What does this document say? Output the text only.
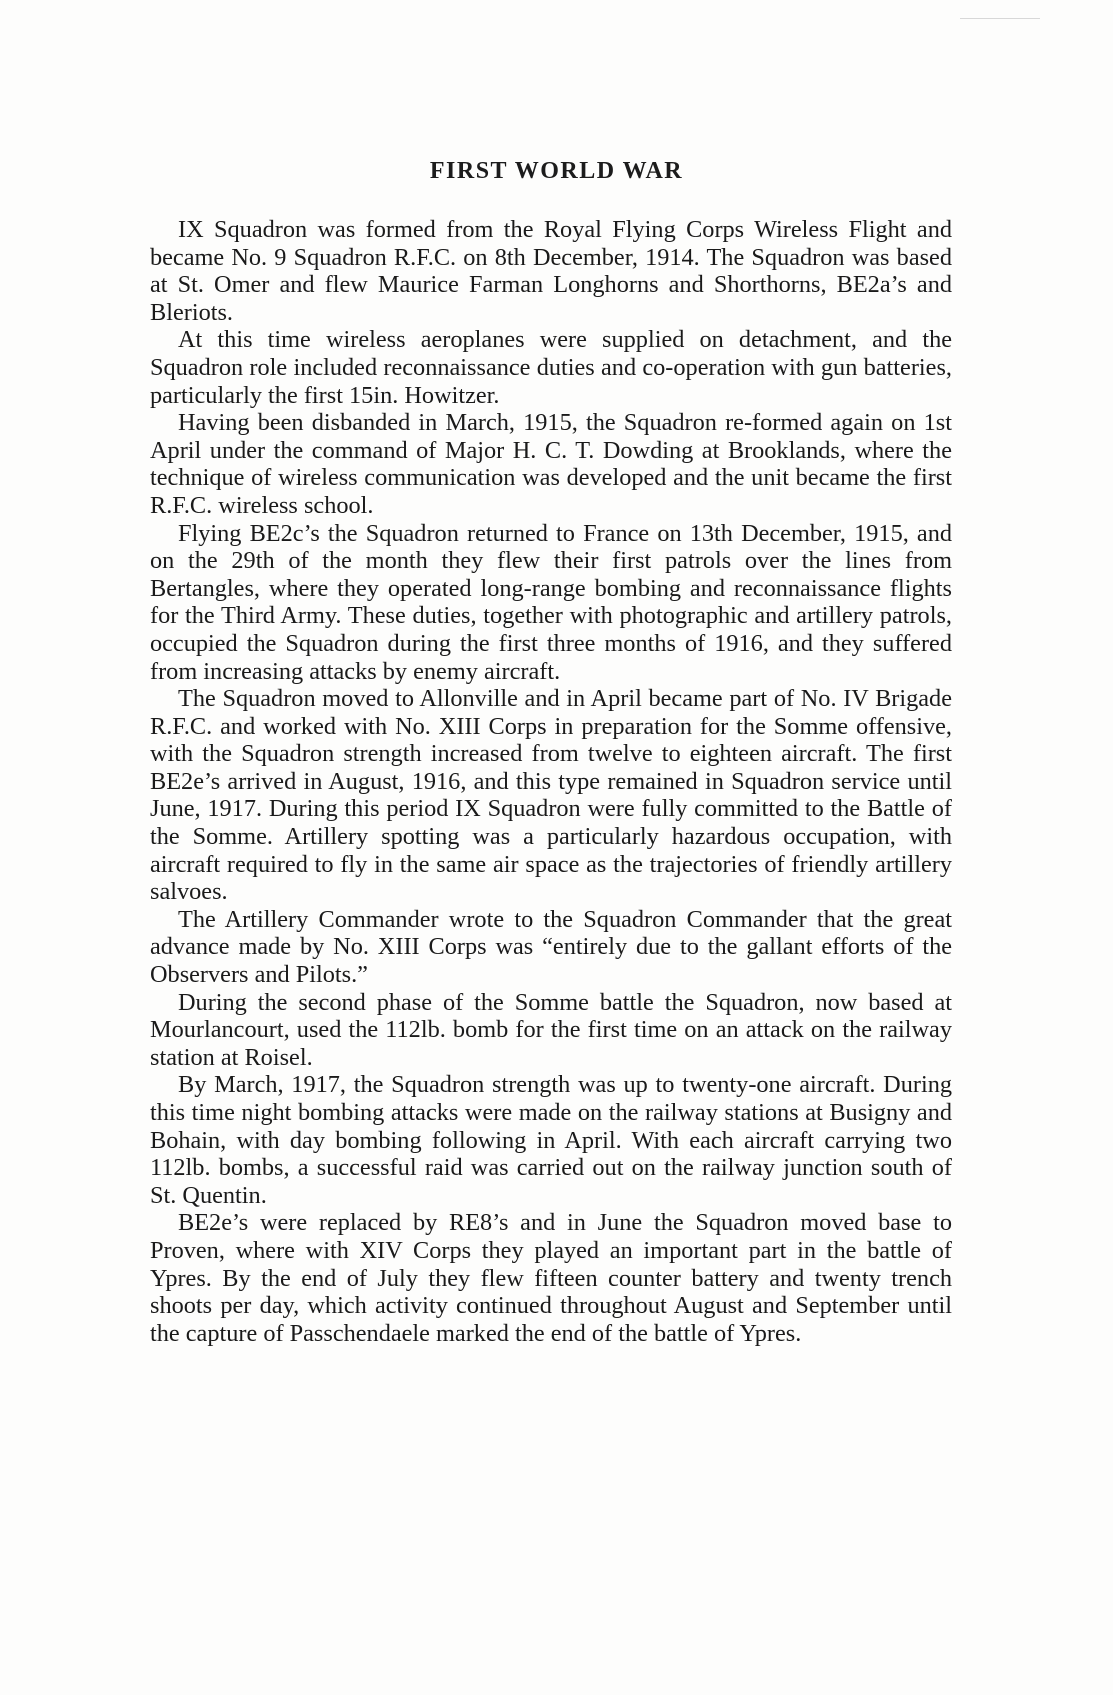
FIRST WORLD WAR

IX Squadron was formed from the Royal Flying Corps Wireless Flight and became No. 9 Squadron R.F.C. on 8th December, 1914. The Squadron was based at St. Omer and flew Maurice Farman Longhorns and Shorthorns, BE2a’s and Bleriots.

At this time wireless aeroplanes were supplied on detachment, and the Squadron role included reconnaissance duties and co-operation with gun batteries, particularly the first 15in. Howitzer.

Having been disbanded in March, 1915, the Squadron re-formed again on 1st April under the command of Major H. C. T. Dowding at Brooklands, where the technique of wireless communication was developed and the unit became the first R.F.C. wireless school.

Flying BE2c’s the Squadron returned to France on 13th December, 1915, and on the 29th of the month they flew their first patrols over the lines from Bertangles, where they operated long-range bombing and reconnaissance flights for the Third Army. These duties, together with photographic and artillery patrols, occupied the Squadron during the first three months of 1916, and they suffered from increasing attacks by enemy aircraft.

The Squadron moved to Allonville and in April became part of No. IV Brigade R.F.C. and worked with No. XIII Corps in preparation for the Somme offensive, with the Squadron strength increased from twelve to eighteen aircraft. The first BE2e’s arrived in August, 1916, and this type remained in Squadron service until June, 1917. During this period IX Squadron were fully committed to the Battle of the Somme. Artillery spotting was a particularly hazardous occupation, with aircraft required to fly in the same air space as the trajectories of friendly artillery salvoes.

The Artillery Commander wrote to the Squadron Commander that the great advance made by No. XIII Corps was “entirely due to the gallant efforts of the Observers and Pilots.”

During the second phase of the Somme battle the Squadron, now based at Mourlancourt, used the 112lb. bomb for the first time on an attack on the railway station at Roisel.

By March, 1917, the Squadron strength was up to twenty-one aircraft. During this time night bombing attacks were made on the railway stations at Busigny and Bohain, with day bombing following in April. With each aircraft carrying two 112lb. bombs, a successful raid was carried out on the railway junction south of St. Quentin.

BE2e’s were replaced by RE8’s and in June the Squadron moved base to Proven, where with XIV Corps they played an important part in the battle of Ypres. By the end of July they flew fifteen counter battery and twenty trench shoots per day, which activity continued throughout August and September until the capture of Passchendaele marked the end of the battle of Ypres.
